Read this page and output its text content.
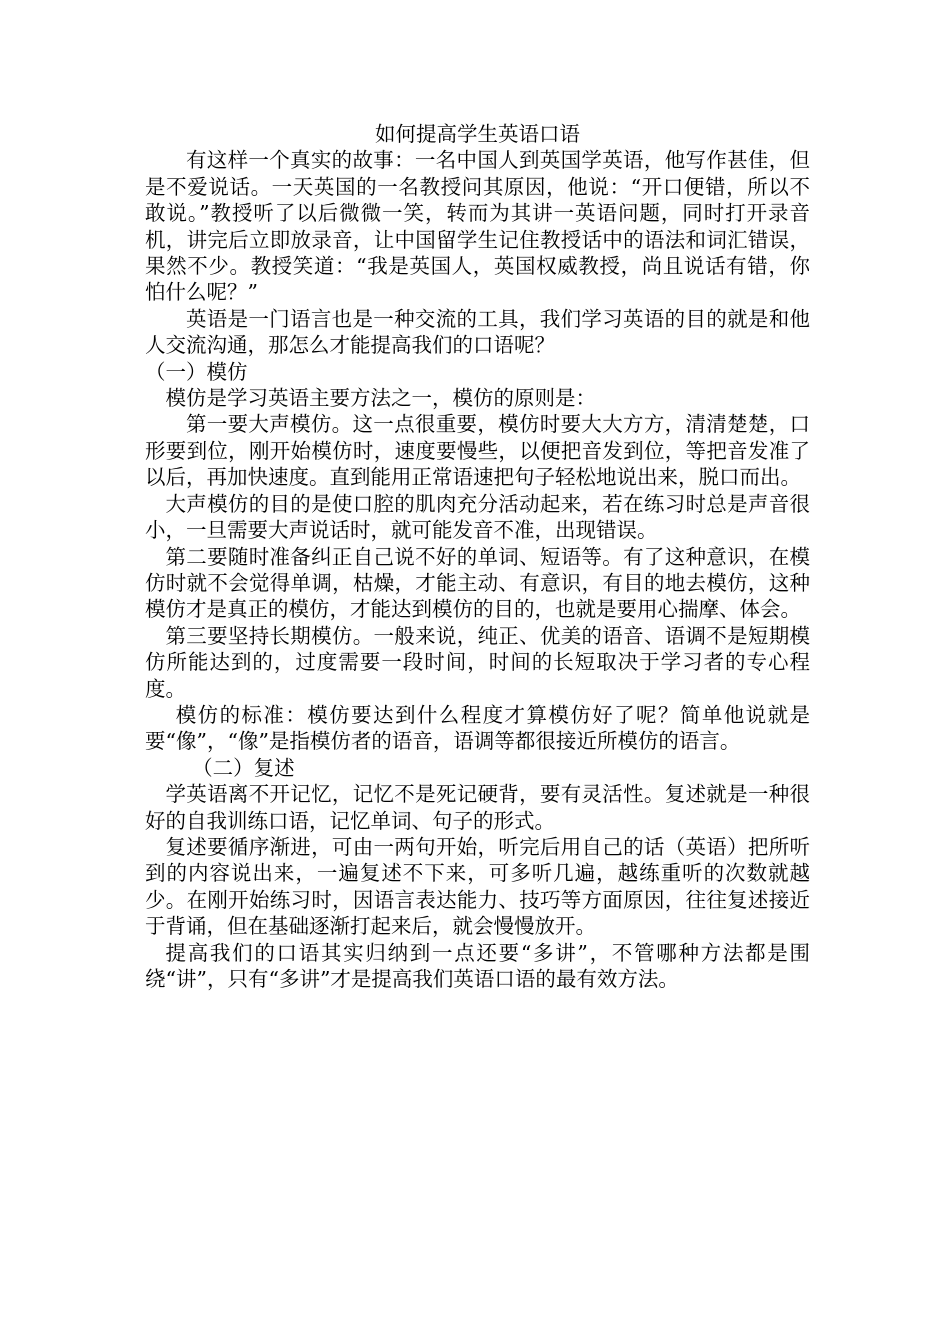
如何提高学生英语口语

有这样一个真实的故事：一名中国人到英国学英语，他写作甚佳，但是不爱说话。一天英国的一名教授问其原因，他说：“开口便错，所以不敢说。”教授听了以后微微一笑，转而为其讲一英语问题，同时打开录音机，讲完后立即放录音，让中国留学生记住教授话中的语法和词汇错误，果然不少。教授笑道：“我是英国人，英国权威教授，尚且说话有错，你怕什么呢？”

英语是一门语言也是一种交流的工具，我们学习英语的目的就是和他人交流沟通，那怎么才能提高我们的口语呢？

（一）模仿

模仿是学习英语主要方法之一，模仿的原则是：

第一要大声模仿。这一点很重要，模仿时要大大方方，清清楚楚，口形要到位，刚开始模仿时，速度要慢些，以便把音发到位，等把音发准了以后，再加快速度。直到能用正常语速把句子轻松地说出来，脱口而出。

大声模仿的目的是使口腔的肌肉充分活动起来，若在练习时总是声音很小，一旦需要大声说话时，就可能发音不准，出现错误。

第二要随时准备纠正自己说不好的单词、短语等。有了这种意识，在模仿时就不会觉得单调，枯燥，才能主动、有意识，有目的地去模仿，这种模仿才是真正的模仿，才能达到模仿的目的，也就是要用心揣摩、体会。

第三要坚持长期模仿。一般来说，纯正、优美的语音、语调不是短期模仿所能达到的，过度需要一段时间，时间的长短取决于学习者的专心程度。

模仿的标准：模仿要达到什么程度才算模仿好了呢？简单他说就是要“像”，“像”是指模仿者的语音，语调等都很接近所模仿的语言。

（二）复述

学英语离不开记忆，记忆不是死记硬背，要有灵活性。复述就是一种很好的自我训练口语，记忆单词、句子的形式。

复述要循序渐进，可由一两句开始，听完后用自己的话（英语）把所听到的内容说出来，一遍复述不下来，可多听几遍，越练重听的次数就越少。在刚开始练习时，因语言表达能力、技巧等方面原因，往往复述接近于背诵，但在基础逐渐打起来后，就会慢慢放开。

提高我们的口语其实归纳到一点还要“多讲”，不管哪种方法都是围绕“讲”，只有“多讲”才是提高我们英语口语的最有效方法。
